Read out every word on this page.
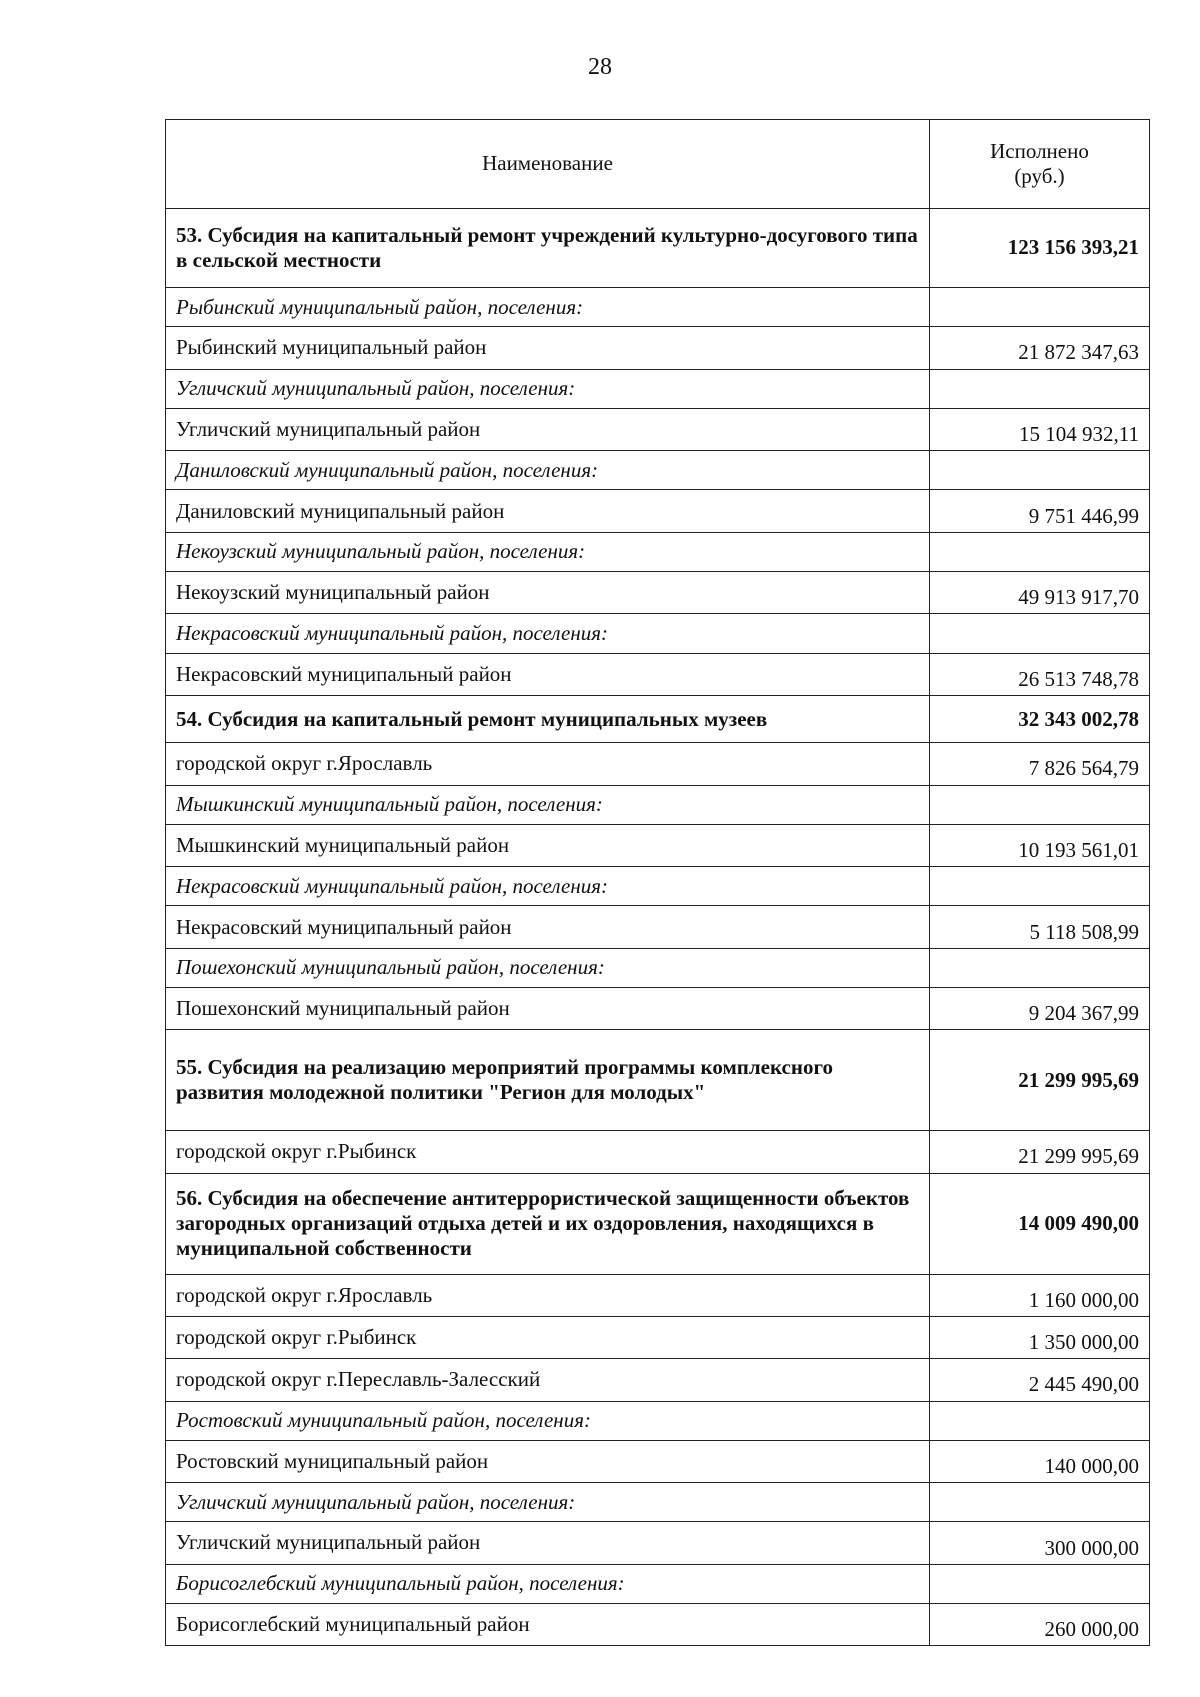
28
Наименование	Исполнено
(руб.)
53. Субсидия на капитальный ремонт учреждений культурно-досугового типа в сельской местности	123 156 393,21
Рыбинский муниципальный район, поселения:	
Рыбинский муниципальный район	21 872 347,63
Угличский муниципальный район, поселения:	
Угличский муниципальный район	15 104 932,11
Даниловский муниципальный район, поселения:	
Даниловский муниципальный район	9 751 446,99
Некоузский муниципальный район, поселения:	
Некоузский муниципальный район	49 913 917,70
Некрасовский муниципальный район, поселения:	
Некрасовский муниципальный район	26 513 748,78
54. Субсидия на капитальный ремонт муниципальных музеев	32 343 002,78
городской округ г.Ярославль	7 826 564,79
Мышкинский муниципальный район, поселения:	
Мышкинский муниципальный район	10 193 561,01
Некрасовский муниципальный район, поселения:	
Некрасовский муниципальный район	5 118 508,99
Пошехонский муниципальный район, поселения:	
Пошехонский муниципальный район	9 204 367,99
55. Субсидия на реализацию мероприятий программы комплексного развития молодежной политики "Регион для молодых"	21 299 995,69
городской округ г.Рыбинск	21 299 995,69
56. Субсидия на обеспечение антитеррористической защищенности объектов загородных организаций отдыха детей и их оздоровления, находящихся в муниципальной собственности	14 009 490,00
городской округ г.Ярославль	1 160 000,00
городской округ г.Рыбинск	1 350 000,00
городской округ г.Переславль-Залесский	2 445 490,00
Ростовский муниципальный район, поселения:	
Ростовский муниципальный район	140 000,00
Угличский муниципальный район, поселения:	
Угличский муниципальный район	300 000,00
Борисоглебский муниципальный район, поселения:	
Борисоглебский муниципальный район	260 000,00
